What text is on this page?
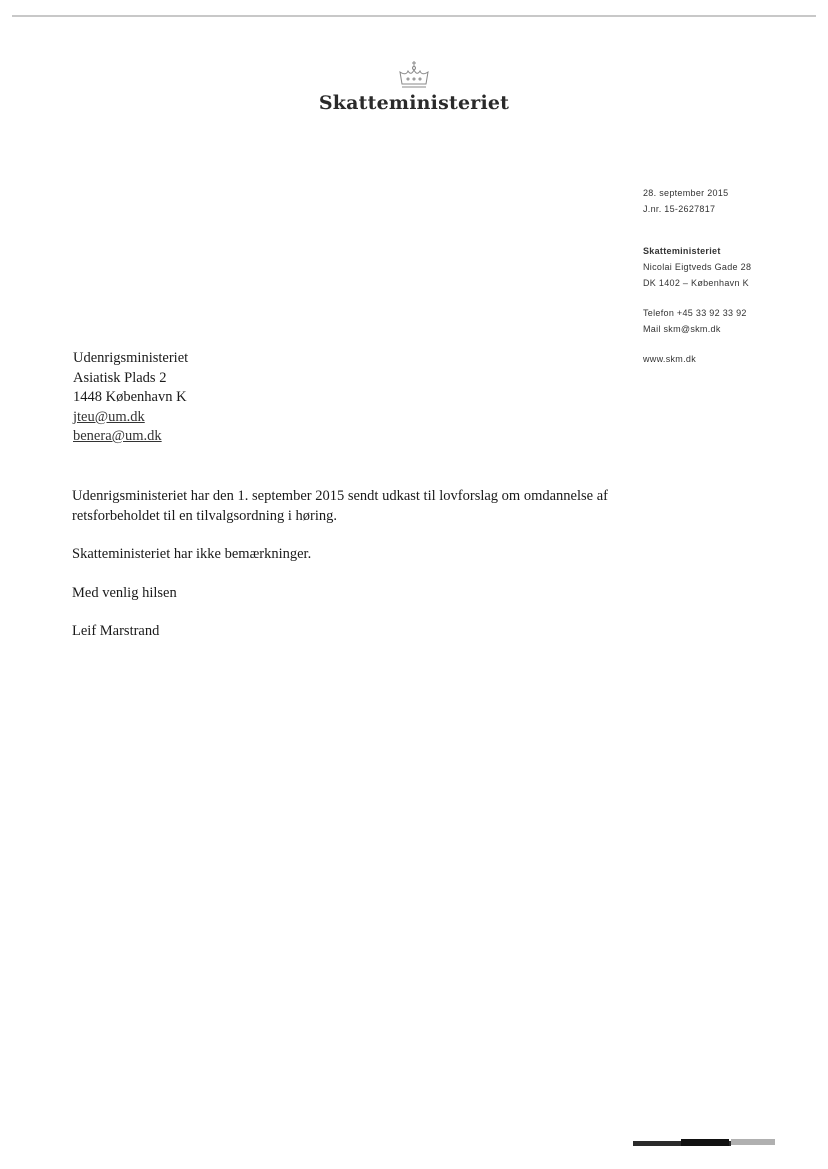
Skatteministeriet
28. september 2015
J.nr. 15-2627817
Skatteministeriet
Nicolai Eigtveds Gade 28
DK 1402 – København K
Telefon +45 33 92 33 92
Mail skm@skm.dk
www.skm.dk
Udenrigsministeriet
Asiatisk Plads 2
1448 København K
jteu@um.dk
benera@um.dk

Udenrigsministeriet har den 1. september 2015 sendt udkast til lovforslag om omdannelse af retsforbeholdet til en tilvalgsordning i høring.

Skatteministeriet har ikke bemærkninger.

Med venlig hilsen

Leif Marstrand
